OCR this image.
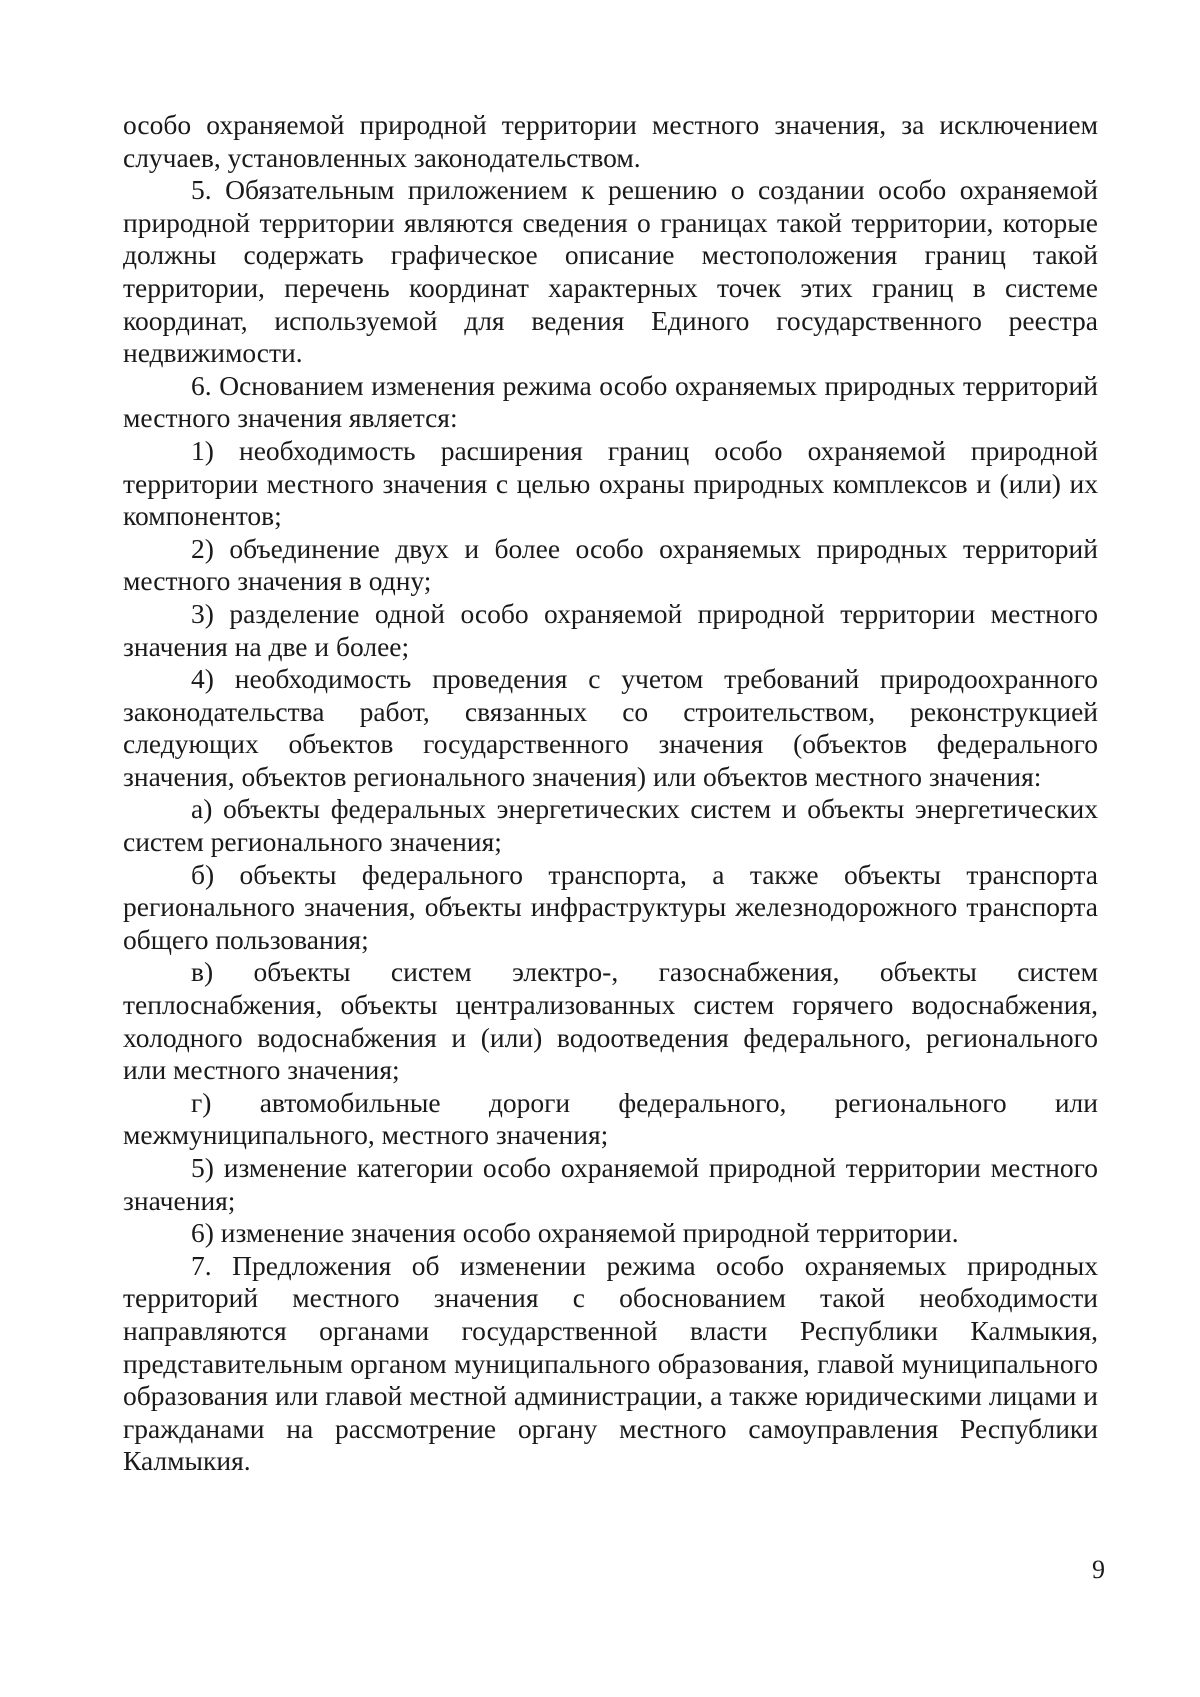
особо охраняемой природной территории местного значения, за исключением случаев, установленных законодательством.

5. Обязательным приложением к решению о создании особо охраняемой природной территории являются сведения о границах такой территории, которые должны содержать графическое описание местоположения границ такой территории, перечень координат характерных точек этих границ в системе координат, используемой для ведения Единого государственного реестра недвижимости.

6. Основанием изменения режима особо охраняемых природных территорий местного значения является:

1) необходимость расширения границ особо охраняемой природной территории местного значения с целью охраны природных комплексов и (или) их компонентов;

2) объединение двух и более особо охраняемых природных территорий местного значения в одну;

3) разделение одной особо охраняемой природной территории местного значения на две и более;

4) необходимость проведения с учетом требований природоохранного законодательства работ, связанных со строительством, реконструкцией следующих объектов государственного значения (объектов федерального значения, объектов регионального значения) или объектов местного значения:

а) объекты федеральных энергетических систем и объекты энергетических систем регионального значения;

б) объекты федерального транспорта, а также объекты транспорта регионального значения, объекты инфраструктуры железнодорожного транспорта общего пользования;

в) объекты систем электро-, газоснабжения, объекты систем теплоснабжения, объекты централизованных систем горячего водоснабжения, холодного водоснабжения и (или) водоотведения федерального, регионального или местного значения;

г) автомобильные дороги федерального, регионального или межмуниципального, местного значения;

5) изменение категории особо охраняемой природной территории местного значения;

6) изменение значения особо охраняемой природной территории.

7. Предложения об изменении режима особо охраняемых природных территорий местного значения с обоснованием такой необходимости направляются органами государственной власти Республики Калмыкия, представительным органом муниципального образования, главой муниципального образования или главой местной администрации, а также юридическими лицами и гражданами на рассмотрение органу местного самоуправления Республики Калмыкия.

9
